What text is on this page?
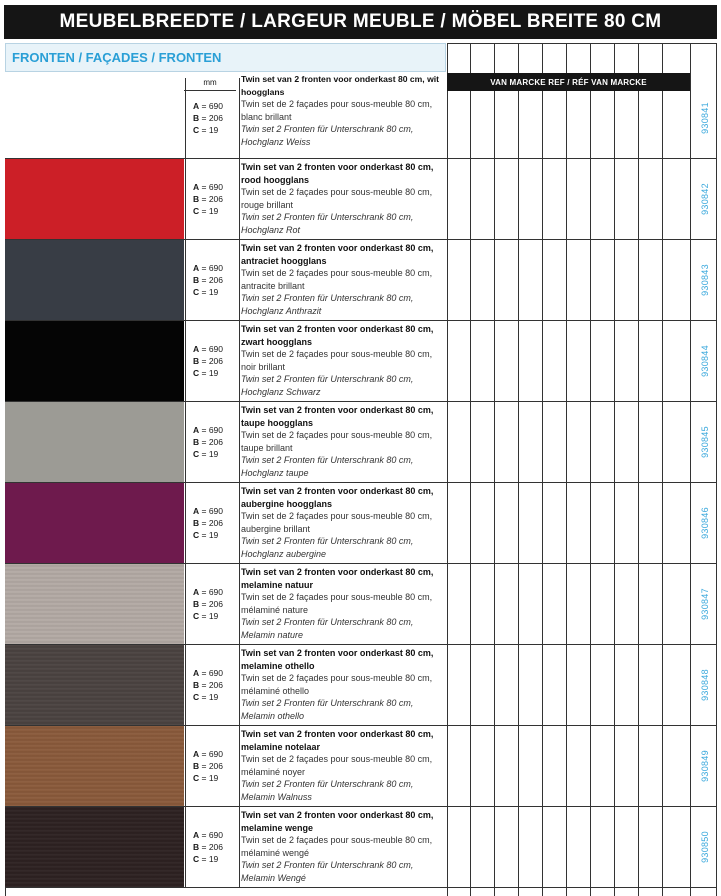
MEUBELBREEDTE / LARGEUR MEUBLE / MÖBEL BREITE 80 CM
FRONTEN / FAÇADES / FRONTEN
VAN MARCKE REF / RÉF VAN MARCKE
mm
A = 690
B = 206
C = 19
Twin set van 2 fronten voor onderkast 80 cm, wit hoogglans
Twin set de 2 façades pour sous-meuble 80 cm, blanc brillant
Twin set 2 Fronten für Unterschrank 80 cm, Hochglanz Weiss
930841
A = 690
B = 206
C = 19
Twin set van 2 fronten voor onderkast 80 cm, rood hoogglans
Twin set de 2 façades pour sous-meuble 80 cm, rouge brillant
Twin set 2 Fronten für Unterschrank 80 cm, Hochglanz Rot
930842
A = 690
B = 206
C = 19
Twin set van 2 fronten voor onderkast 80 cm, antraciet hoogglans
Twin set de 2 façades pour sous-meuble 80 cm, antracite brillant
Twin set 2 Fronten für Unterschrank 80 cm, Hochglanz Anthrazit
930843
A = 690
B = 206
C = 19
Twin set van 2 fronten voor onderkast 80 cm, zwart hoogglans
Twin set de 2 façades pour sous-meuble 80 cm, noir brillant
Twin set 2 Fronten für Unterschrank 80 cm, Hochglanz Schwarz
930844
A = 690
B = 206
C = 19
Twin set van 2 fronten voor onderkast 80 cm, taupe hoogglans
Twin set de 2 façades pour sous-meuble 80 cm, taupe brillant
Twin set 2 Fronten für Unterschrank 80 cm, Hochglanz taupe
930845
A = 690
B = 206
C = 19
Twin set van 2 fronten voor onderkast 80 cm, aubergine hoogglans
Twin set de 2 façades pour sous-meuble 80 cm, aubergine brillant
Twin set 2 Fronten für Unterschrank 80 cm, Hochglanz aubergine
930846
A = 690
B = 206
C = 19
Twin set van 2 fronten voor onderkast 80 cm, melamine natuur
Twin set de 2 façades pour sous-meuble 80 cm, mélaminé nature
Twin set 2 Fronten für Unterschrank 80 cm, Melamin nature
930847
A = 690
B = 206
C = 19
Twin set van 2 fronten voor onderkast 80 cm, melamine othello
Twin set de 2 façades pour sous-meuble 80 cm, mélaminé othello
Twin set 2 Fronten für Unterschrank 80 cm, Melamin othello
930848
A = 690
B = 206
C = 19
Twin set van 2 fronten voor onderkast 80 cm, melamine notelaar
Twin set de 2 façades pour sous-meuble 80 cm, mélaminé noyer
Twin set 2 Fronten für Unterschrank 80 cm, Melamin Walnuss
930849
A = 690
B = 206
C = 19
Twin set van 2 fronten voor onderkast 80 cm, melamine wenge
Twin set de 2 façades pour sous-meuble 80 cm, mélaminé wengé
Twin set 2 Fronten für Unterschrank 80 cm, Melamin Wengé
930850
